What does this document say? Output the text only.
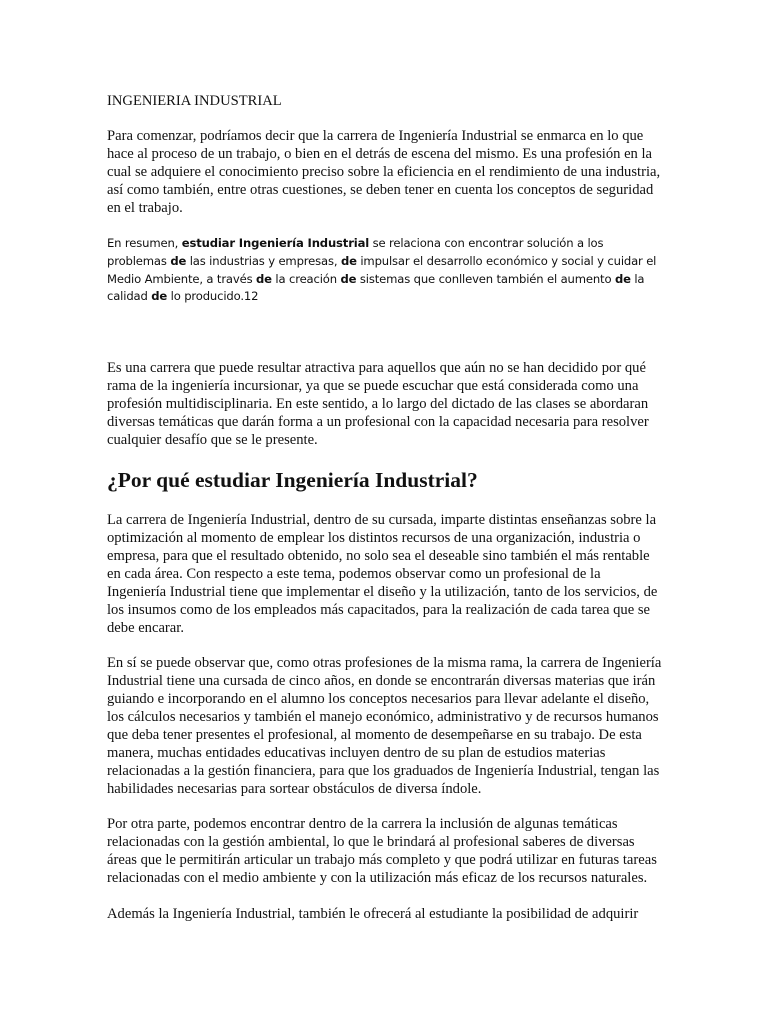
INGENIERIA INDUSTRIAL

Para comenzar, podríamos decir que la carrera de Ingeniería Industrial se enmarca en lo que hace al proceso de un trabajo, o bien en el detrás de escena del mismo. Es una profesión en la cual se adquiere el conocimiento preciso sobre la eficiencia en el rendimiento de una industria, así como también, entre otras cuestiones, se deben tener en cuenta los conceptos de seguridad en el trabajo.

En resumen, estudiar Ingeniería Industrial se relaciona con encontrar solución a los problemas de las industrias y empresas, de impulsar el desarrollo económico y social y cuidar el Medio Ambiente, a través de la creación de sistemas que conlleven también el aumento de la calidad de lo producido.12

Es una carrera que puede resultar atractiva para aquellos que aún no se han decidido por qué rama de la ingeniería incursionar, ya que se puede escuchar que está considerada como una profesión multidisciplinaria. En este sentido, a lo largo del dictado de las clases se abordaran diversas temáticas que darán forma a un profesional con la capacidad necesaria para resolver cualquier desafío que se le presente.

¿Por qué estudiar Ingeniería Industrial?

La carrera de Ingeniería Industrial, dentro de su cursada, imparte distintas enseñanzas sobre la optimización al momento de emplear los distintos recursos de una organización, industria o empresa, para que el resultado obtenido, no solo sea el deseable sino también el más rentable en cada área. Con respecto a este tema, podemos observar como un profesional de la Ingeniería Industrial tiene que implementar el diseño y la utilización, tanto de los servicios, de los insumos como de los empleados más capacitados, para la realización de cada tarea que se debe encarar.

En sí se puede observar que, como otras profesiones de la misma rama, la carrera de Ingeniería Industrial tiene una cursada de cinco años, en donde se encontrarán diversas materias que irán guiando e incorporando en el alumno los conceptos necesarios para llevar adelante el diseño, los cálculos necesarios y también el manejo económico, administrativo y de recursos humanos que deba tener presentes el profesional, al momento de desempeñarse en su trabajo. De esta manera, muchas entidades educativas incluyen dentro de su plan de estudios materias relacionadas a la gestión financiera, para que los graduados de Ingeniería Industrial, tengan las habilidades necesarias para sortear obstáculos de diversa índole.

Por otra parte, podemos encontrar dentro de la carrera la inclusión de algunas temáticas relacionadas con la gestión ambiental, lo que le brindará al profesional saberes de diversas áreas que le permitirán articular un trabajo más completo y que podrá utilizar en futuras tareas relacionadas con el medio ambiente y con la utilización más eficaz de los recursos naturales.

Además la Ingeniería Industrial, también le ofrecerá al estudiante la posibilidad de adquirir
